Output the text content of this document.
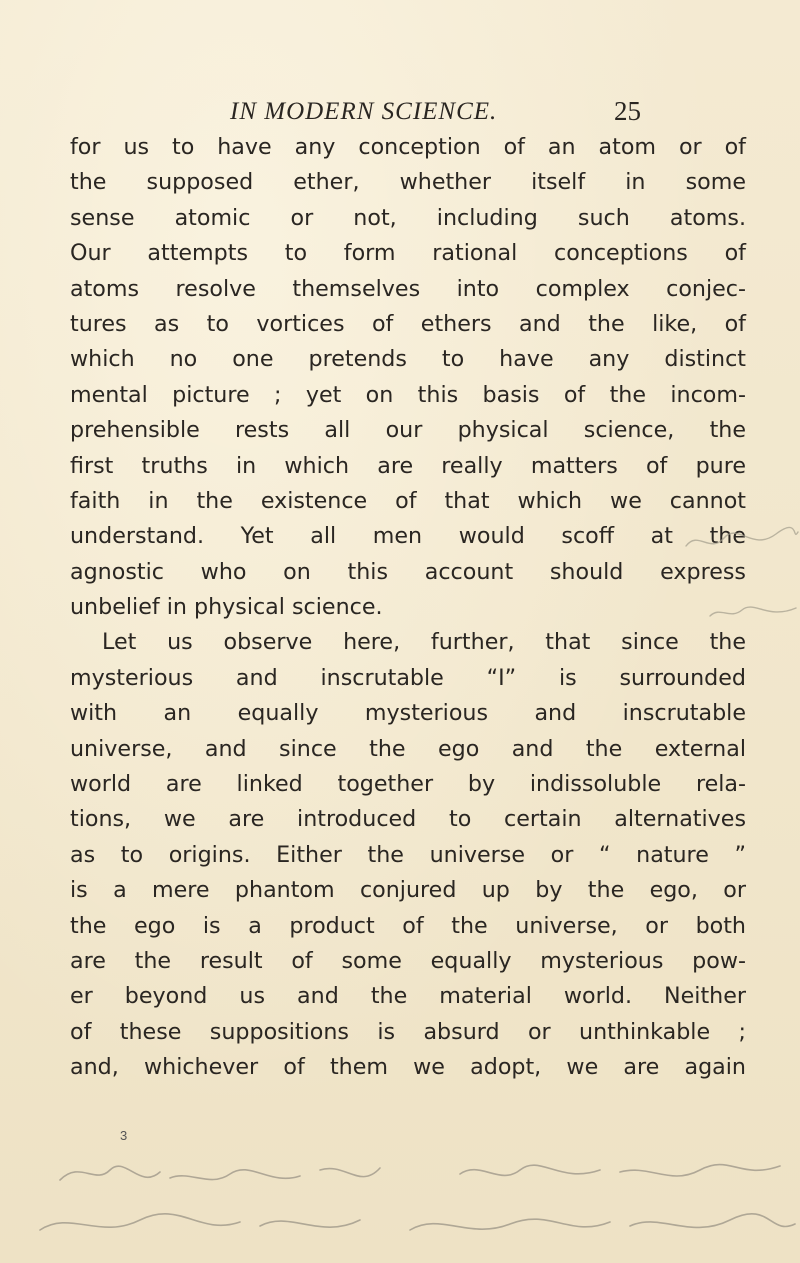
IN MODERN SCIENCE.	25
for us to have any conception of an atom or of
the supposed ether, whether itself in some
sense atomic or not, including such atoms.
Our attempts to form rational conceptions of
atoms resolve themselves into complex conjec-
tures as to vortices of ethers and the like, of
which no one pretends to have any distinct
mental picture ; yet on this basis of the incom-
prehensible rests all our physical science, the
first truths in which are really matters of pure
faith in the existence of that which we cannot
understand. Yet all men would scoff at the
agnostic who on this account should express
unbelief in physical science.
Let us observe here, further, that since the
mysterious and inscrutable “I” is surrounded
with an equally mysterious and inscrutable
universe, and since the ego and the external
world are linked together by indissoluble rela-
tions, we are introduced to certain alternatives
as to origins. Either the universe or “ nature ”
is a mere phantom conjured up by the ego, or
the ego is a product of the universe, or both
are the result of some equally mysterious pow-
er beyond us and the material world. Neither
of these suppositions is absurd or unthinkable ;
and, whichever of them we adopt, we are again
3
